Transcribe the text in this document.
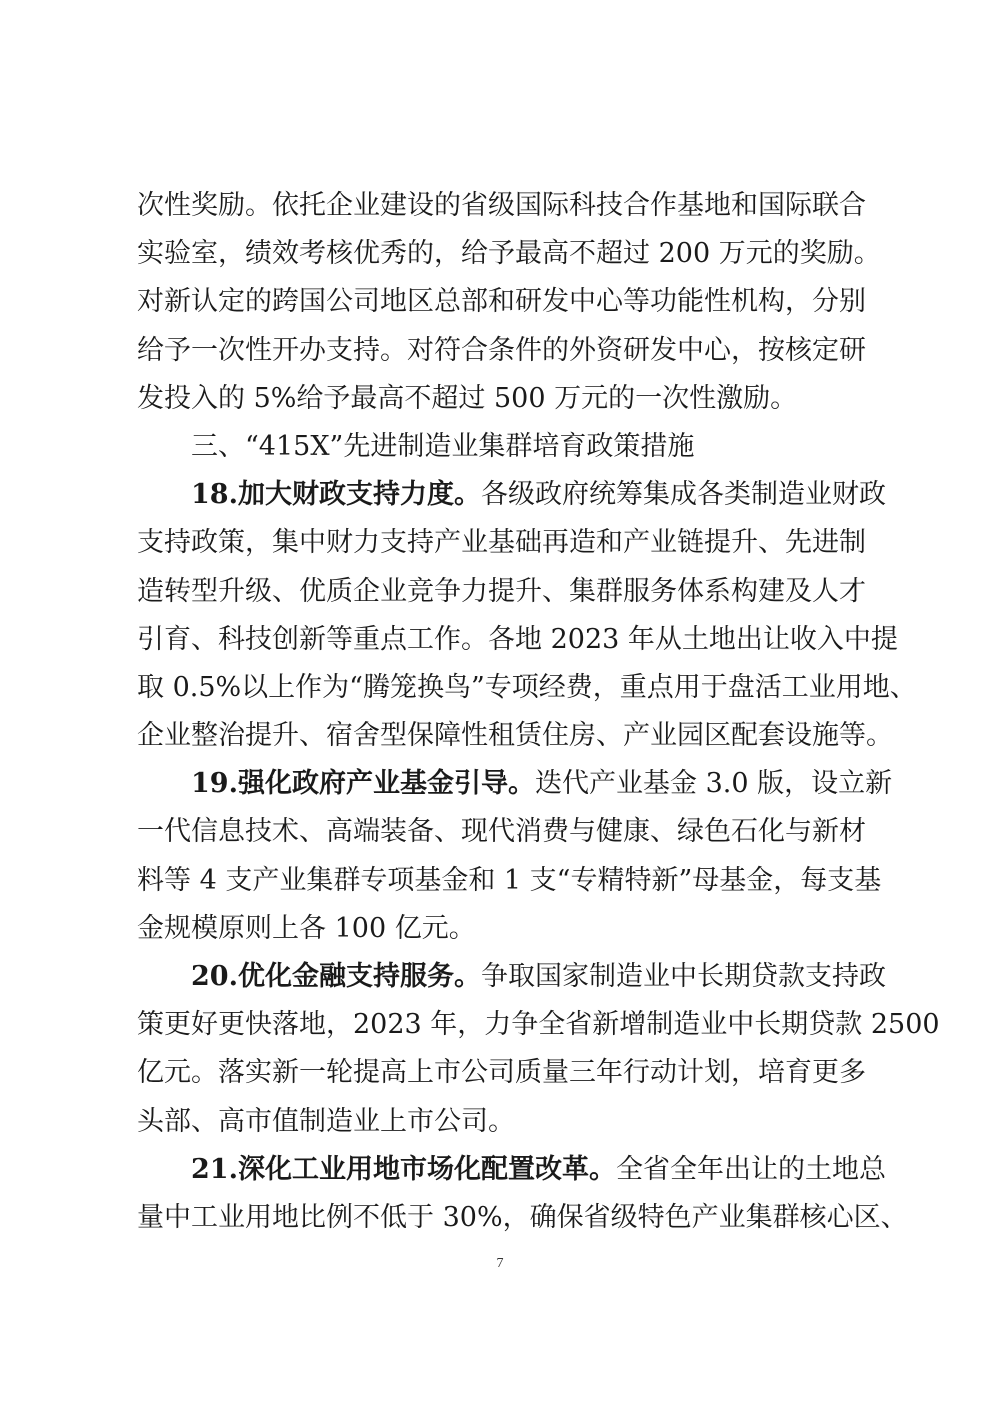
次性奖励。依托企业建设的省级国际科技合作基地和国际联合
实验室，绩效考核优秀的，给予最高不超过 200 万元的奖励。
对新认定的跨国公司地区总部和研发中心等功能性机构，分别
给予一次性开办支持。对符合条件的外资研发中心，按核定研
发投入的 5%给予最高不超过 500 万元的一次性激励。
三、“415X”先进制造业集群培育政策措施
18.加大财政支持力度。各级政府统筹集成各类制造业财政
支持政策，集中财力支持产业基础再造和产业链提升、先进制
造转型升级、优质企业竞争力提升、集群服务体系构建及人才
引育、科技创新等重点工作。各地 2023 年从土地出让收入中提
取 0.5%以上作为“腾笼换鸟”专项经费，重点用于盘活工业用地、
企业整治提升、宿舍型保障性租赁住房、产业园区配套设施等。
19.强化政府产业基金引导。迭代产业基金 3.0 版，设立新
一代信息技术、高端装备、现代消费与健康、绿色石化与新材
料等 4 支产业集群专项基金和 1 支“专精特新”母基金，每支基
金规模原则上各 100 亿元。
20.优化金融支持服务。争取国家制造业中长期贷款支持政
策更好更快落地，2023 年，力争全省新增制造业中长期贷款 2500
亿元。落实新一轮提高上市公司质量三年行动计划，培育更多
头部、高市值制造业上市公司。
21.深化工业用地市场化配置改革。全省全年出让的土地总
量中工业用地比例不低于 30%，确保省级特色产业集群核心区、
7
